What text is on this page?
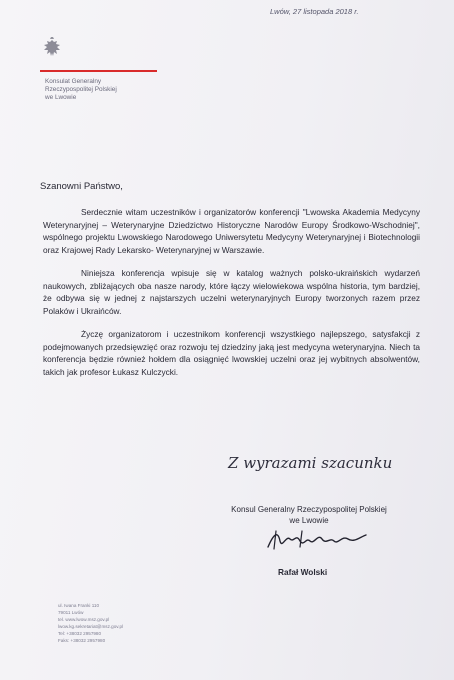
Lwów, 27 listopada 2018 r.
Konsulat Generalny
Rzeczypospolitej Polskiej
we Lwowie
Szanowni Państwo,

Serdecznie witam uczestników i organizatorów konferencji "Lwowska Akademia Medycyny Weterynaryjnej – Weterynaryjne Dziedzictwo Historyczne Narodów Europy Środkowo-Wschodniej", wspólnego projektu Lwowskiego Narodowego Uniwersytetu Medycyny Weterynaryjnej i Biotechnologii oraz Krajowej Rady Lekarsko- Weterynaryjnej w Warszawie.

Niniejsza konferencja wpisuje się w katalog ważnych polsko-ukraińskich wydarzeń naukowych, zbliżających oba nasze narody, które łączy wielowiekowa wspólna historia, tym bardziej, że odbywa się w jednej z najstarszych uczelni weterynaryjnych Europy tworzonych razem przez Polaków i Ukraińców.

Życzę organizatorom i uczestnikom konferencji wszystkiego najlepszego, satysfakcji z podejmowanych przedsięwzięć oraz rozwoju tej dziedziny jaką jest medycyna weterynaryjna. Niech ta konferencja będzie również hołdem dla osiągnięć lwowskiej uczelni oraz jej wybitnych absolwentów, takich jak profesor Łukasz Kulczycki.

Z wyrazami szacunku
Konsul Generalny Rzeczypospolitej Polskiej
we Lwowie
Rafał Wolski
ul. Iwana Franki 110
79011 Lwów
tel. www.lwow.msz.gov.pl
lwow.kg.sekretariat@msz.gov.pl
Tel: +38032 2957980
Faks: +38032 2957980
